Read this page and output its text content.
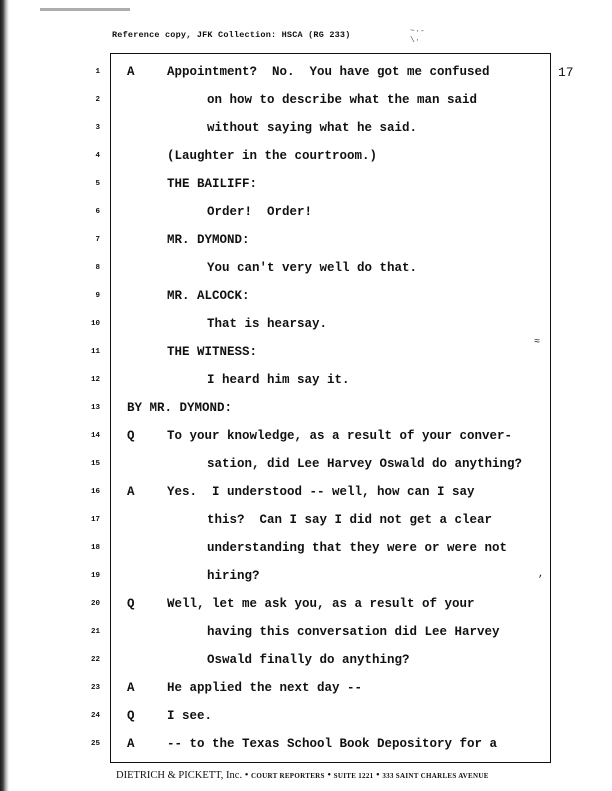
Reference copy, JFK Collection: HSCA (RG 233)	~·-\·
17
1 A	Appointment?  No.  You have got me confused
2	on how to describe what the man said
3	without saying what he said.
4	(Laughter in the courtroom.)
5	THE BAILIFF:
6	Order!  Order!
7	MR. DYMOND:
8	You can't very well do that.
9	MR. ALCOCK:
10	That is hearsay.
11	THE WITNESS:
12	I heard him say it.
13 BY MR. DYMOND:
14 Q	To your knowledge, as a result of your conver-
15	sation, did Lee Harvey Oswald do anything?
16 A	Yes.  I understood -- well, how can I say
17	this?  Can I say I did not get a clear
18	understanding that they were or were not
19	hiring?
20 Q	Well, let me ask you, as a result of your
21	having this conversation did Lee Harvey
22	Oswald finally do anything?
23 A	He applied the next day --
24 Q	I see.
25 A	-- to the Texas School Book Depository for a
≈
,
DIETRICH & PICKETT, Inc. • COURT REPORTERS • SUITE 1221 • 333 SAINT CHARLES AVENUE
